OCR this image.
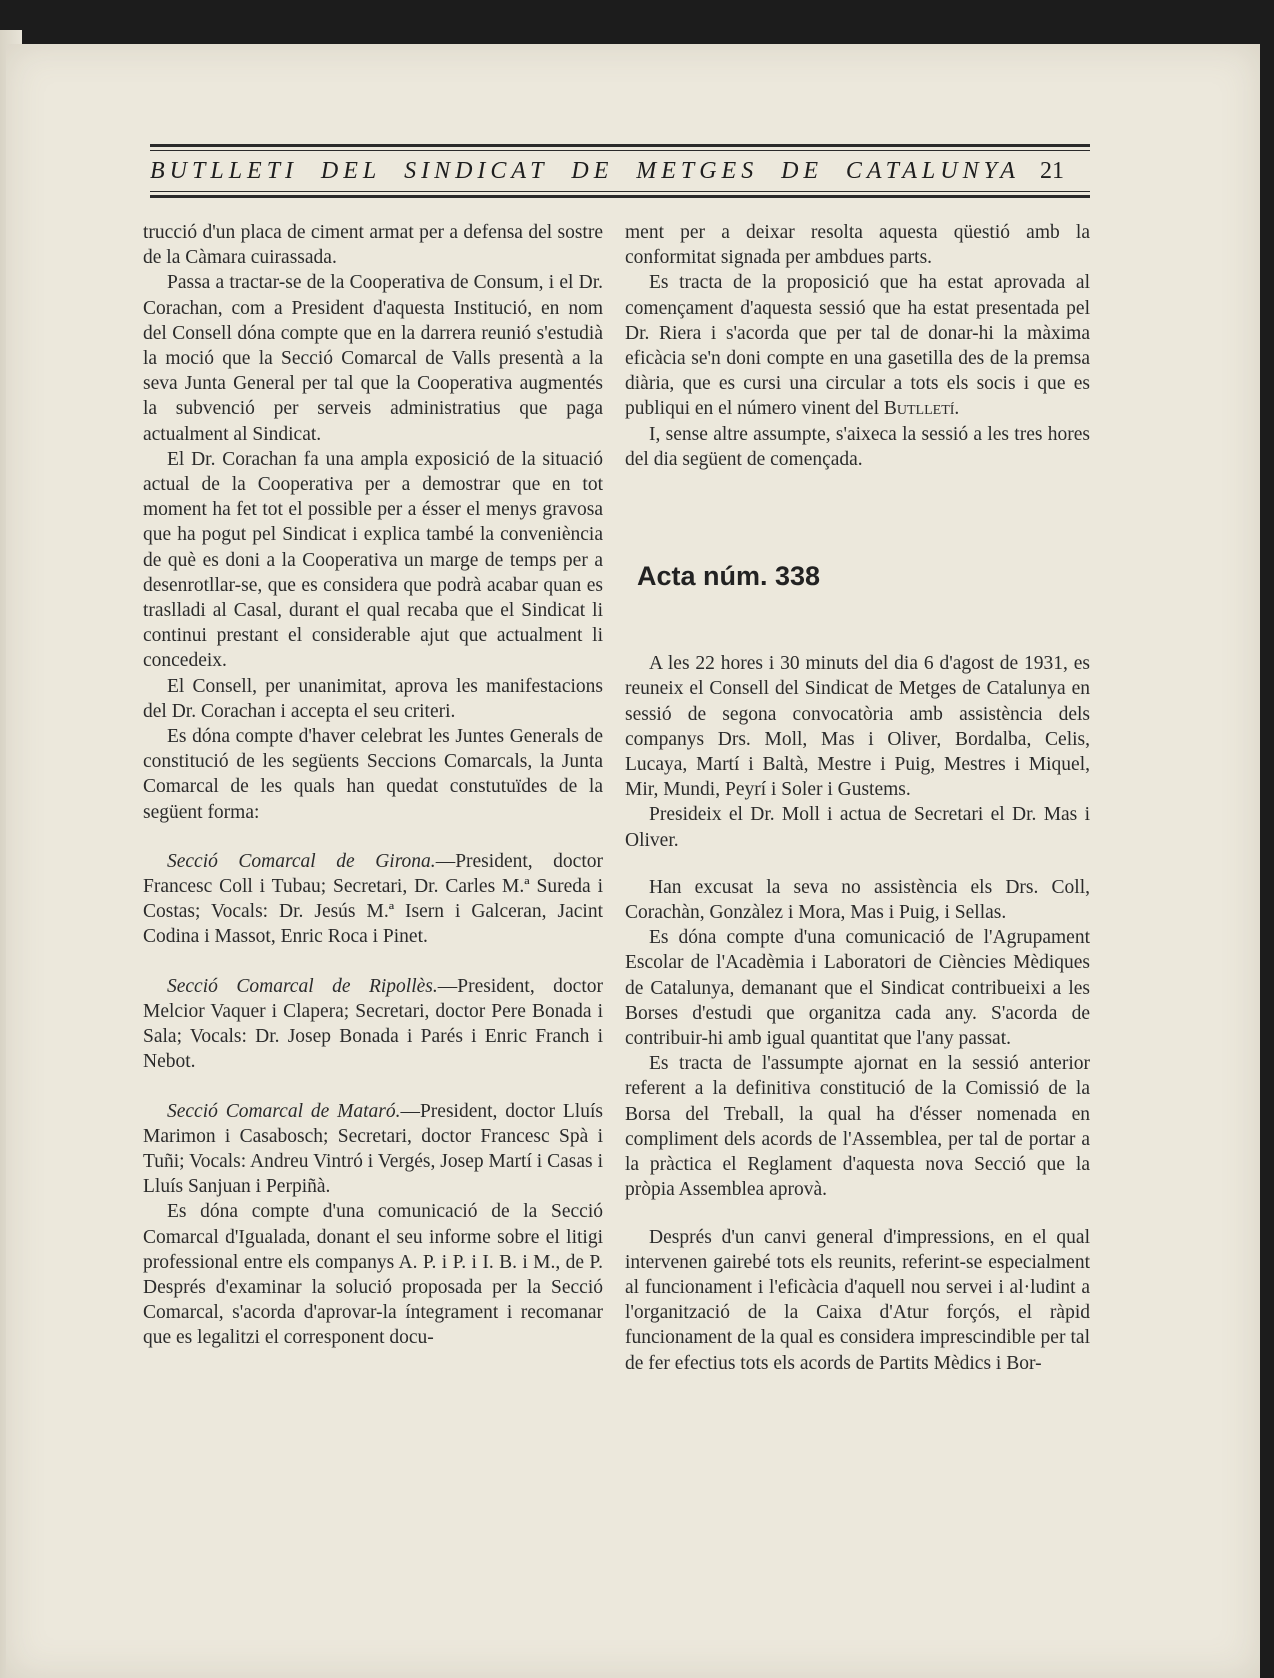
BUTLLETI DEL SINDICAT DE METGES DE CATALUNYA 21

trucció d'un placa de ciment armat per a defensa del sostre de la Càmara cuirassada.

Passa a tractar-se de la Cooperativa de Consum, i el Dr. Corachan, com a President d'aquesta Institució, en nom del Consell dóna compte que en la darrera reunió s'estudià la moció que la Secció Comarcal de Valls presentà a la seva Junta General per tal que la Cooperativa augmentés la subvenció per serveis administratius que paga actualment al Sindicat.

El Dr. Corachan fa una ampla exposició de la situació actual de la Cooperativa per a demostrar que en tot moment ha fet tot el possible per a ésser el menys gravosa que ha pogut pel Sindicat i explica també la conveniència de què es doni a la Cooperativa un marge de temps per a desenrotllar-se, que es considera que podrà acabar quan es traslladi al Casal, durant el qual recaba que el Sindicat li continui prestant el considerable ajut que actualment li concedeix.

El Consell, per unanimitat, aprova les manifestacions del Dr. Corachan i accepta el seu criteri.

Es dóna compte d'haver celebrat les Juntes Generals de constitució de les següents Seccions Comarcals, la Junta Comarcal de les quals han quedat constutuïdes de la següent forma:

Secció Comarcal de Girona.—President, doctor Francesc Coll i Tubau; Secretari, Dr. Carles M.ª Sureda i Costas; Vocals: Dr. Jesús M.ª Isern i Galceran, Jacint Codina i Massot, Enric Roca i Pinet.

Secció Comarcal de Ripollès.—President, doctor Melcior Vaquer i Clapera; Secretari, doctor Pere Bonada i Sala; Vocals: Dr. Josep Bonada i Parés i Enric Franch i Nebot.

Secció Comarcal de Mataró.—President, doctor Lluís Marimon i Casabosch; Secretari, doctor Francesc Spà i Tuñi; Vocals: Andreu Vintró i Vergés, Josep Martí i Casas i Lluís Sanjuan i Perpiñà.

Es dóna compte d'una comunicació de la Secció Comarcal d'Igualada, donant el seu informe sobre el litigi professional entre els companys A. P. i P. i I. B. i M., de P. Després d'examinar la solució proposada per la Secció Comarcal, s'acorda d'aprovar-la íntegrament i recomanar que es legalitzi el corresponent docu-

ment per a deixar resolta aquesta qüestió amb la conformitat signada per ambdues parts.

Es tracta de la proposició que ha estat aprovada al començament d'aquesta sessió que ha estat presentada pel Dr. Riera i s'acorda que per tal de donar-hi la màxima eficàcia se'n doni compte en una gasetilla des de la premsa diària, que es cursi una circular a tots els socis i que es publiqui en el número vinent del Butlletí.

I, sense altre assumpte, s'aixeca la sessió a les tres hores del dia següent de començada.

Acta núm. 338

A les 22 hores i 30 minuts del dia 6 d'agost de 1931, es reuneix el Consell del Sindicat de Metges de Catalunya en sessió de segona convocatòria amb assistència dels companys Drs. Moll, Mas i Oliver, Bordalba, Celis, Lucaya, Martí i Baltà, Mestre i Puig, Mestres i Miquel, Mir, Mundi, Peyrí i Soler i Gustems.

Presideix el Dr. Moll i actua de Secretari el Dr. Mas i Oliver.

Han excusat la seva no assistència els Drs. Coll, Corachàn, Gonzàlez i Mora, Mas i Puig, i Sellas.

Es dóna compte d'una comunicació de l'Agrupament Escolar de l'Acadèmia i Laboratori de Ciències Mèdiques de Catalunya, demanant que el Sindicat contribueixi a les Borses d'estudi que organitza cada any. S'acorda de contribuir-hi amb igual quantitat que l'any passat.

Es tracta de l'assumpte ajornat en la sessió anterior referent a la definitiva constitució de la Comissió de la Borsa del Treball, la qual ha d'ésser nomenada en compliment dels acords de l'Assemblea, per tal de portar a la pràctica el Reglament d'aquesta nova Secció que la pròpia Assemblea aprovà.

Després d'un canvi general d'impressions, en el qual intervenen gairebé tots els reunits, referint-se especialment al funcionament i l'eficàcia d'aquell nou servei i al·ludint a l'organització de la Caixa d'Atur forçós, el ràpid funcionament de la qual es considera imprescindible per tal de fer efectius tots els acords de Partits Mèdics i Bor-
